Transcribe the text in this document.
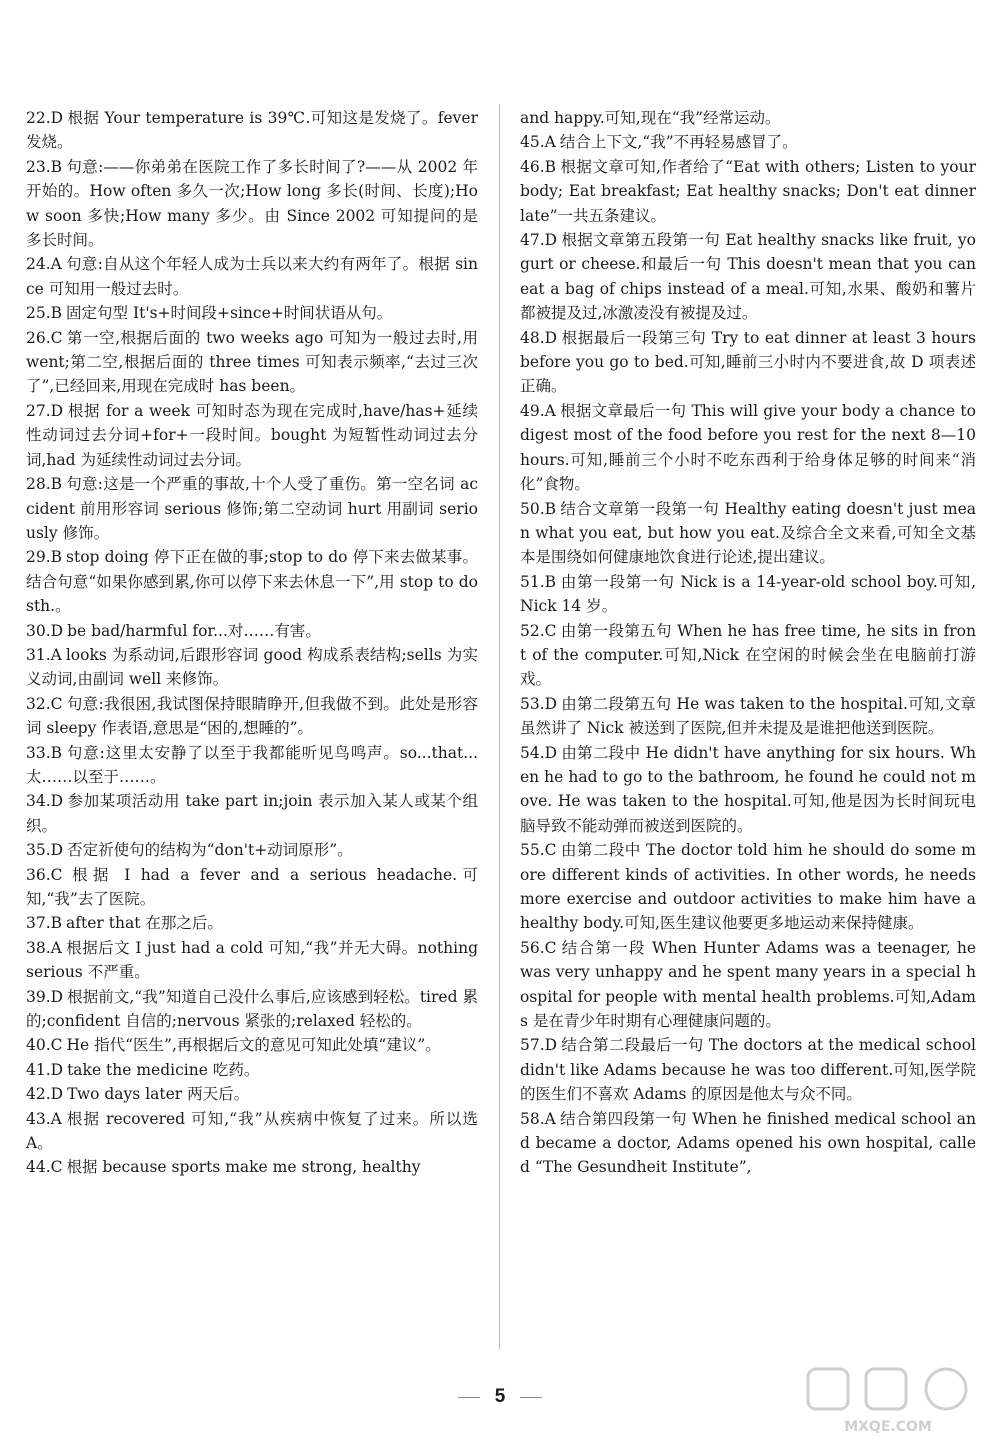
22.D 根据 Your temperature is 39℃.可知这是发烧了。fever 发烧。
23.B 句意:——你弟弟在医院工作了多长时间了?——从 2002 年开始的。How often 多久一次;How long 多长(时间、长度);How soon 多快;How many 多少。由 Since 2002 可知提问的是多长时间。
24.A 句意:自从这个年轻人成为士兵以来大约有两年了。根据 since 可知用一般过去时。
25.B 固定句型 It's+时间段+since+时间状语从句。
26.C 第一空,根据后面的 two weeks ago 可知为一般过去时,用 went;第二空,根据后面的 three times 可知表示频率,“去过三次了”,已经回来,用现在完成时 has been。
27.D 根据 for a week 可知时态为现在完成时,have/has+延续性动词过去分词+for+一段时间。bought 为短暂性动词过去分词,had 为延续性动词过去分词。
28.B 句意:这是一个严重的事故,十个人受了重伤。第一空名词 accident 前用形容词 serious 修饰;第二空动词 hurt 用副词 seriously 修饰。
29.B stop doing 停下正在做的事;stop to do 停下来去做某事。结合句意“如果你感到累,你可以停下来去休息一下”,用 stop to do sth.。
30.D be bad/harmful for...对……有害。
31.A looks 为系动词,后跟形容词 good 构成系表结构;sells 为实义动词,由副词 well 来修饰。
32.C 句意:我很困,我试图保持眼睛睁开,但我做不到。此处是形容词 sleepy 作表语,意思是“困的,想睡的”。
33.B 句意:这里太安静了以至于我都能听见鸟鸣声。so...that...太……以至于……。
34.D 参加某项活动用 take part in;join 表示加入某人或某个组织。
35.D 否定祈使句的结构为“don't+动词原形”。
36.C 根据 I had a fever and a serious headache.可知,“我”去了医院。
37.B after that 在那之后。
38.A 根据后文 I just had a cold 可知,“我”并无大碍。nothing serious 不严重。
39.D 根据前文,“我”知道自己没什么事后,应该感到轻松。tired 累的;confident 自信的;nervous 紧张的;relaxed 轻松的。
40.C He 指代“医生”,再根据后文的意见可知此处填“建议”。
41.D take the medicine 吃药。
42.D Two days later 两天后。
43.A 根据 recovered 可知,“我”从疾病中恢复了过来。所以选 A。
44.C 根据 because sports make me strong, healthy
and happy.可知,现在“我”经常运动。
45.A 结合上下文,“我”不再轻易感冒了。
46.B 根据文章可知,作者给了“Eat with others; Listen to your body; Eat breakfast; Eat healthy snacks; Don't eat dinner late”一共五条建议。
47.D 根据文章第五段第一句 Eat healthy snacks like fruit, yogurt or cheese.和最后一句 This doesn't mean that you can eat a bag of chips instead of a meal.可知,水果、酸奶和薯片都被提及过,冰激凌没有被提及过。
48.D 根据最后一段第三句 Try to eat dinner at least 3 hours before you go to bed.可知,睡前三小时内不要进食,故 D 项表述正确。
49.A 根据文章最后一句 This will give your body a chance to digest most of the food before you rest for the next 8—10 hours.可知,睡前三个小时不吃东西利于给身体足够的时间来“消化”食物。
50.B 结合文章第一段第一句 Healthy eating doesn't just mean what you eat, but how you eat.及综合全文来看,可知全文基本是围绕如何健康地饮食进行论述,提出建议。
51.B 由第一段第一句 Nick is a 14-year-old school boy.可知,Nick 14 岁。
52.C 由第一段第五句 When he has free time, he sits in front of the computer.可知,Nick 在空闲的时候会坐在电脑前打游戏。
53.D 由第二段第五句 He was taken to the hospital.可知,文章虽然讲了 Nick 被送到了医院,但并未提及是谁把他送到医院。
54.D 由第二段中 He didn't have anything for six hours. When he had to go to the bathroom, he found he could not move. He was taken to the hospital.可知,他是因为长时间玩电脑导致不能动弹而被送到医院的。
55.C 由第二段中 The doctor told him he should do some more different kinds of activities. In other words, he needs more exercise and outdoor activities to make him have a healthy body.可知,医生建议他要更多地运动来保持健康。
56.C 结合第一段 When Hunter Adams was a teenager, he was very unhappy and he spent many years in a special hospital for people with mental health problems.可知,Adams 是在青少年时期有心理健康问题的。
57.D 结合第二段最后一句 The doctors at the medical school didn't like Adams because he was too different.可知,医学院的医生们不喜欢 Adams 的原因是他太与众不同。
58.A 结合第四段第一句 When he finished medical school and became a doctor, Adams opened his own hospital, called “The Gesundheit Institute”,
5
MXQE.COM
